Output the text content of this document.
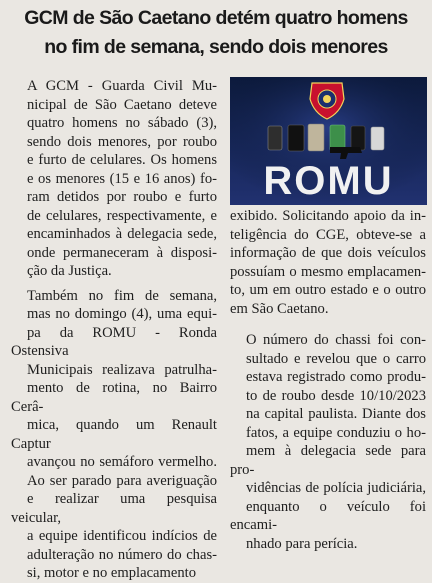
GCM de São Caetano detém quatro homens
no fim de semana, sendo dois menores

A GCM - Guarda Civil Mu-
nicipal de São Caetano deteve
quatro homens no sábado (3),
sendo dois menores, por roubo
e furto de celulares. Os homens
e os menores (15 e 16 anos) fo-
ram detidos por roubo e furto
de celulares, respectivamente, e
encaminhados à delegacia sede,
onde permaneceram à disposi-
ção da Justiça.

Também no fim de semana,
mas no domingo (4), uma equi-
pa da ROMU - Ronda Ostensiva
Municipais realizava patrulha-
mento de rotina, no Bairro Cerâ-
mica, quando um Renault Captur
avançou no semáforo vermelho.
Ao ser parado para averiguação
e realizar uma pesquisa veicular,
a equipe identificou indícios de
adulteração no número do chas-
si, motor e no emplacamento

ROMU

exibido. Solicitando apoio da in-
teligência do CGE, obteve-se a
informação de que dois veículos
possuíam o mesmo emplacamen-
to, um em outro estado e o outro
em São Caetano.

O número do chassi foi con-
sultado e revelou que o carro
estava registrado como produ-
to de roubo desde 10/10/2023
na capital paulista. Diante dos
fatos, a equipe conduziu o ho-
mem à delegacia sede para pro-
vidências de polícia judiciária,
enquanto o veículo foi encami-
nhado para perícia.
